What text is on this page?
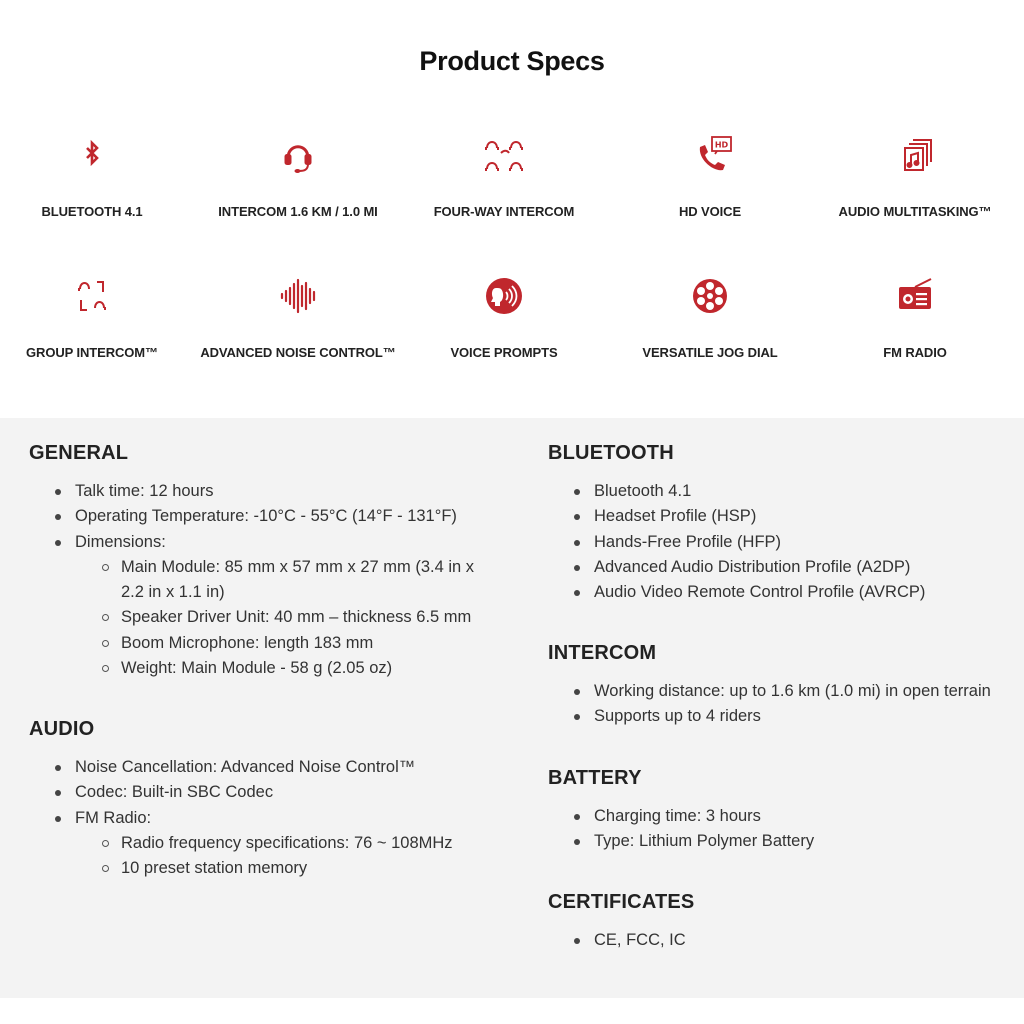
Product Specs
BLUETOOTH 4.1	INTERCOM 1.6 KM / 1.0 MI	FOUR-WAY INTERCOM
HD
HD VOICE	AUDIO MULTITASKING™
GROUP INTERCOM™	ADVANCED NOISE CONTROL™	VOICE PROMPTS	VERSATILE JOG DIAL	FM RADIO
GENERAL
Talk time: 12 hours
Operating Temperature: -10°C - 55°C (14°F - 131°F)
Dimensions:
Main Module: 85 mm x 57 mm x 27 mm (3.4 in x 2.2 in x 1.1 in)
Speaker Driver Unit: 40 mm – thickness 6.5 mm
Boom Microphone: length 183 mm
Weight: Main Module - 58 g (2.05 oz)
AUDIO
Noise Cancellation: Advanced Noise Control™
Codec: Built-in SBC Codec
FM Radio:
Radio frequency specifications: 76 ~ 108MHz
10 preset station memory
BLUETOOTH
Bluetooth 4.1
Headset Profile (HSP)
Hands-Free Profile (HFP)
Advanced Audio Distribution Profile (A2DP)
Audio Video Remote Control Profile (AVRCP)
INTERCOM
Working distance: up to 1.6 km (1.0 mi) in open terrain
Supports up to 4 riders
BATTERY
Charging time: 3 hours
Type: Lithium Polymer Battery
CERTIFICATES
CE, FCC, IC
